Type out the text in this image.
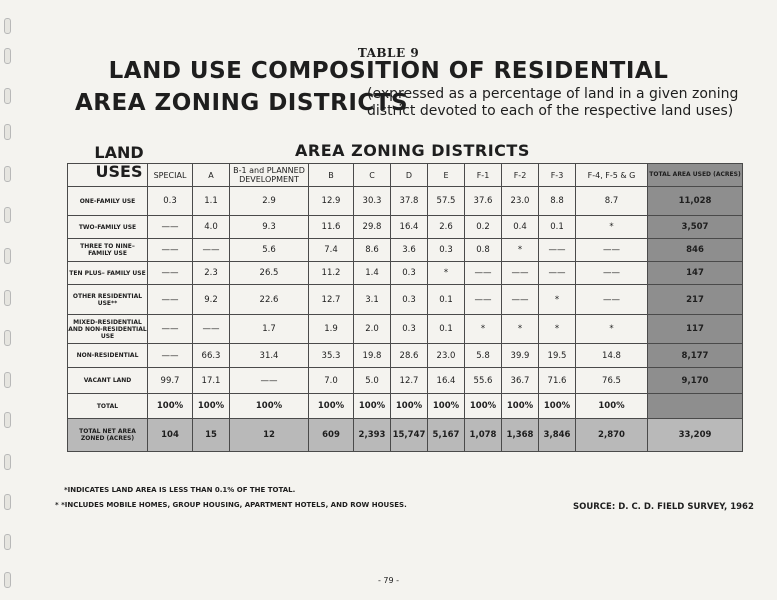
TABLE 9
LAND USE COMPOSITION OF RESIDENTIAL
AREA ZONING DISTRICTS
(expressed as a percentage of land in a given zoning
district devoted to each of the respective land uses)
LAND
USES
AREA ZONING DISTRICTS
	SPECIAL	A	B-1 and PLANNED DEVELOPMENT	B	C	D	E	F-1	F-2	F-3	F-4, F-5 & G	TOTAL AREA USED (ACRES)
ONE-FAMILY USE	0.3	1.1	2.9	12.9	30.3	37.8	57.5	37.6	23.0	8.8	8.7	11,028
TWO-FAMILY USE	——	4.0	9.3	11.6	29.8	16.4	2.6	0.2	0.4	0.1	*	3,507
THREE TO NINE– FAMILY USE	——	——	5.6	7.4	8.6	3.6	0.3	0.8	*	——	——	846
TEN PLUS– FAMILY USE	——	2.3	26.5	11.2	1.4	0.3	*	——	——	——	——	147
OTHER RESIDENTIAL USE**	——	9.2	22.6	12.7	3.1	0.3	0.1	——	——	*	——	217
MIXED-RESIDENTIAL AND NON-RESIDENTIAL USE	——	——	1.7	1.9	2.0	0.3	0.1	*	*	*	*	117
NON-RESIDENTIAL	——	66.3	31.4	35.3	19.8	28.6	23.0	5.8	39.9	19.5	14.8	8,177
VACANT LAND	99.7	17.1	——	7.0	5.0	12.7	16.4	55.6	36.7	71.6	76.5	9,170
TOTAL	100%	100%	100%	100%	100%	100%	100%	100%	100%	100%	100%	
TOTAL NET AREA ZONED (ACRES)	104	15	12	609	2,393	15,747	5,167	1,078	1,368	3,846	2,870	33,209
*INDICATES LAND AREA IS LESS THAN 0.1% OF THE TOTAL.
* *INCLUDES MOBILE HOMES, GROUP HOUSING, APARTMENT HOTELS, AND ROW HOUSES.	SOURCE: D. C. D. FIELD SURVEY, 1962
- 79 -
